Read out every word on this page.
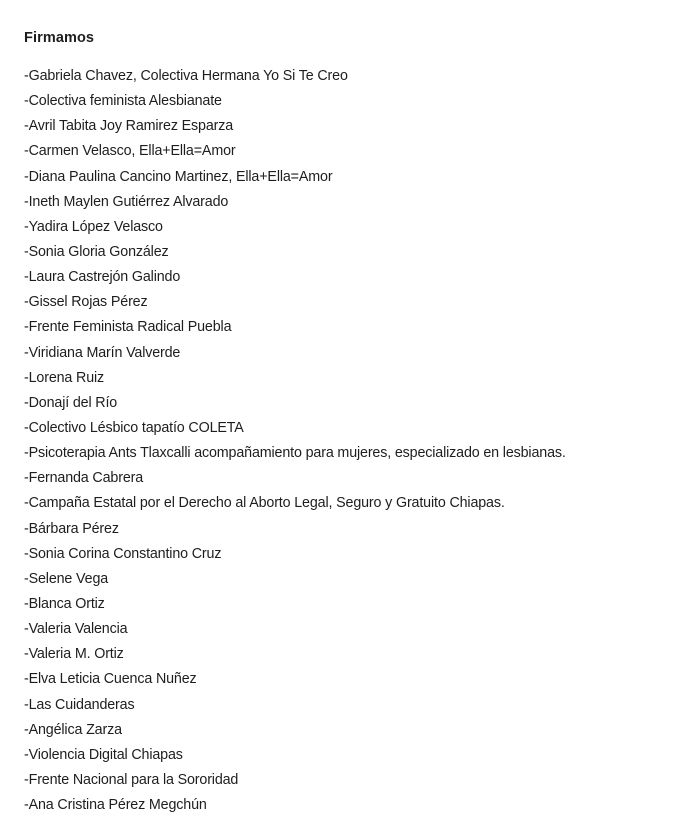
Firmamos
-Gabriela Chavez, Colectiva Hermana Yo Si Te Creo
-Colectiva feminista Alesbianate
-Avril Tabita Joy Ramirez Esparza
-Carmen Velasco, Ella+Ella=Amor
-Diana Paulina Cancino Martinez, Ella+Ella=Amor
-Ineth Maylen Gutiérrez Alvarado
-Yadira López Velasco
-Sonia Gloria González
-Laura Castrejón Galindo
-Gissel Rojas Pérez
-Frente Feminista Radical Puebla
-Viridiana Marín Valverde
-Lorena Ruiz
-Donají del Río
-Colectivo Lésbico tapatío COLETA
-Psicoterapia Ants Tlaxcalli acompañamiento para mujeres, especializado en lesbianas.
-Fernanda Cabrera
-Campaña Estatal por el Derecho al Aborto Legal, Seguro y Gratuito Chiapas.
-Bárbara Pérez
-Sonia Corina Constantino Cruz
-Selene Vega
-Blanca Ortiz
-Valeria Valencia
-Valeria M. Ortiz
-Elva Leticia Cuenca Nuñez
-Las Cuidanderas
-Angélica Zarza
-Violencia Digital Chiapas
-Frente Nacional para la Sororidad
-Ana Cristina Pérez Megchún
